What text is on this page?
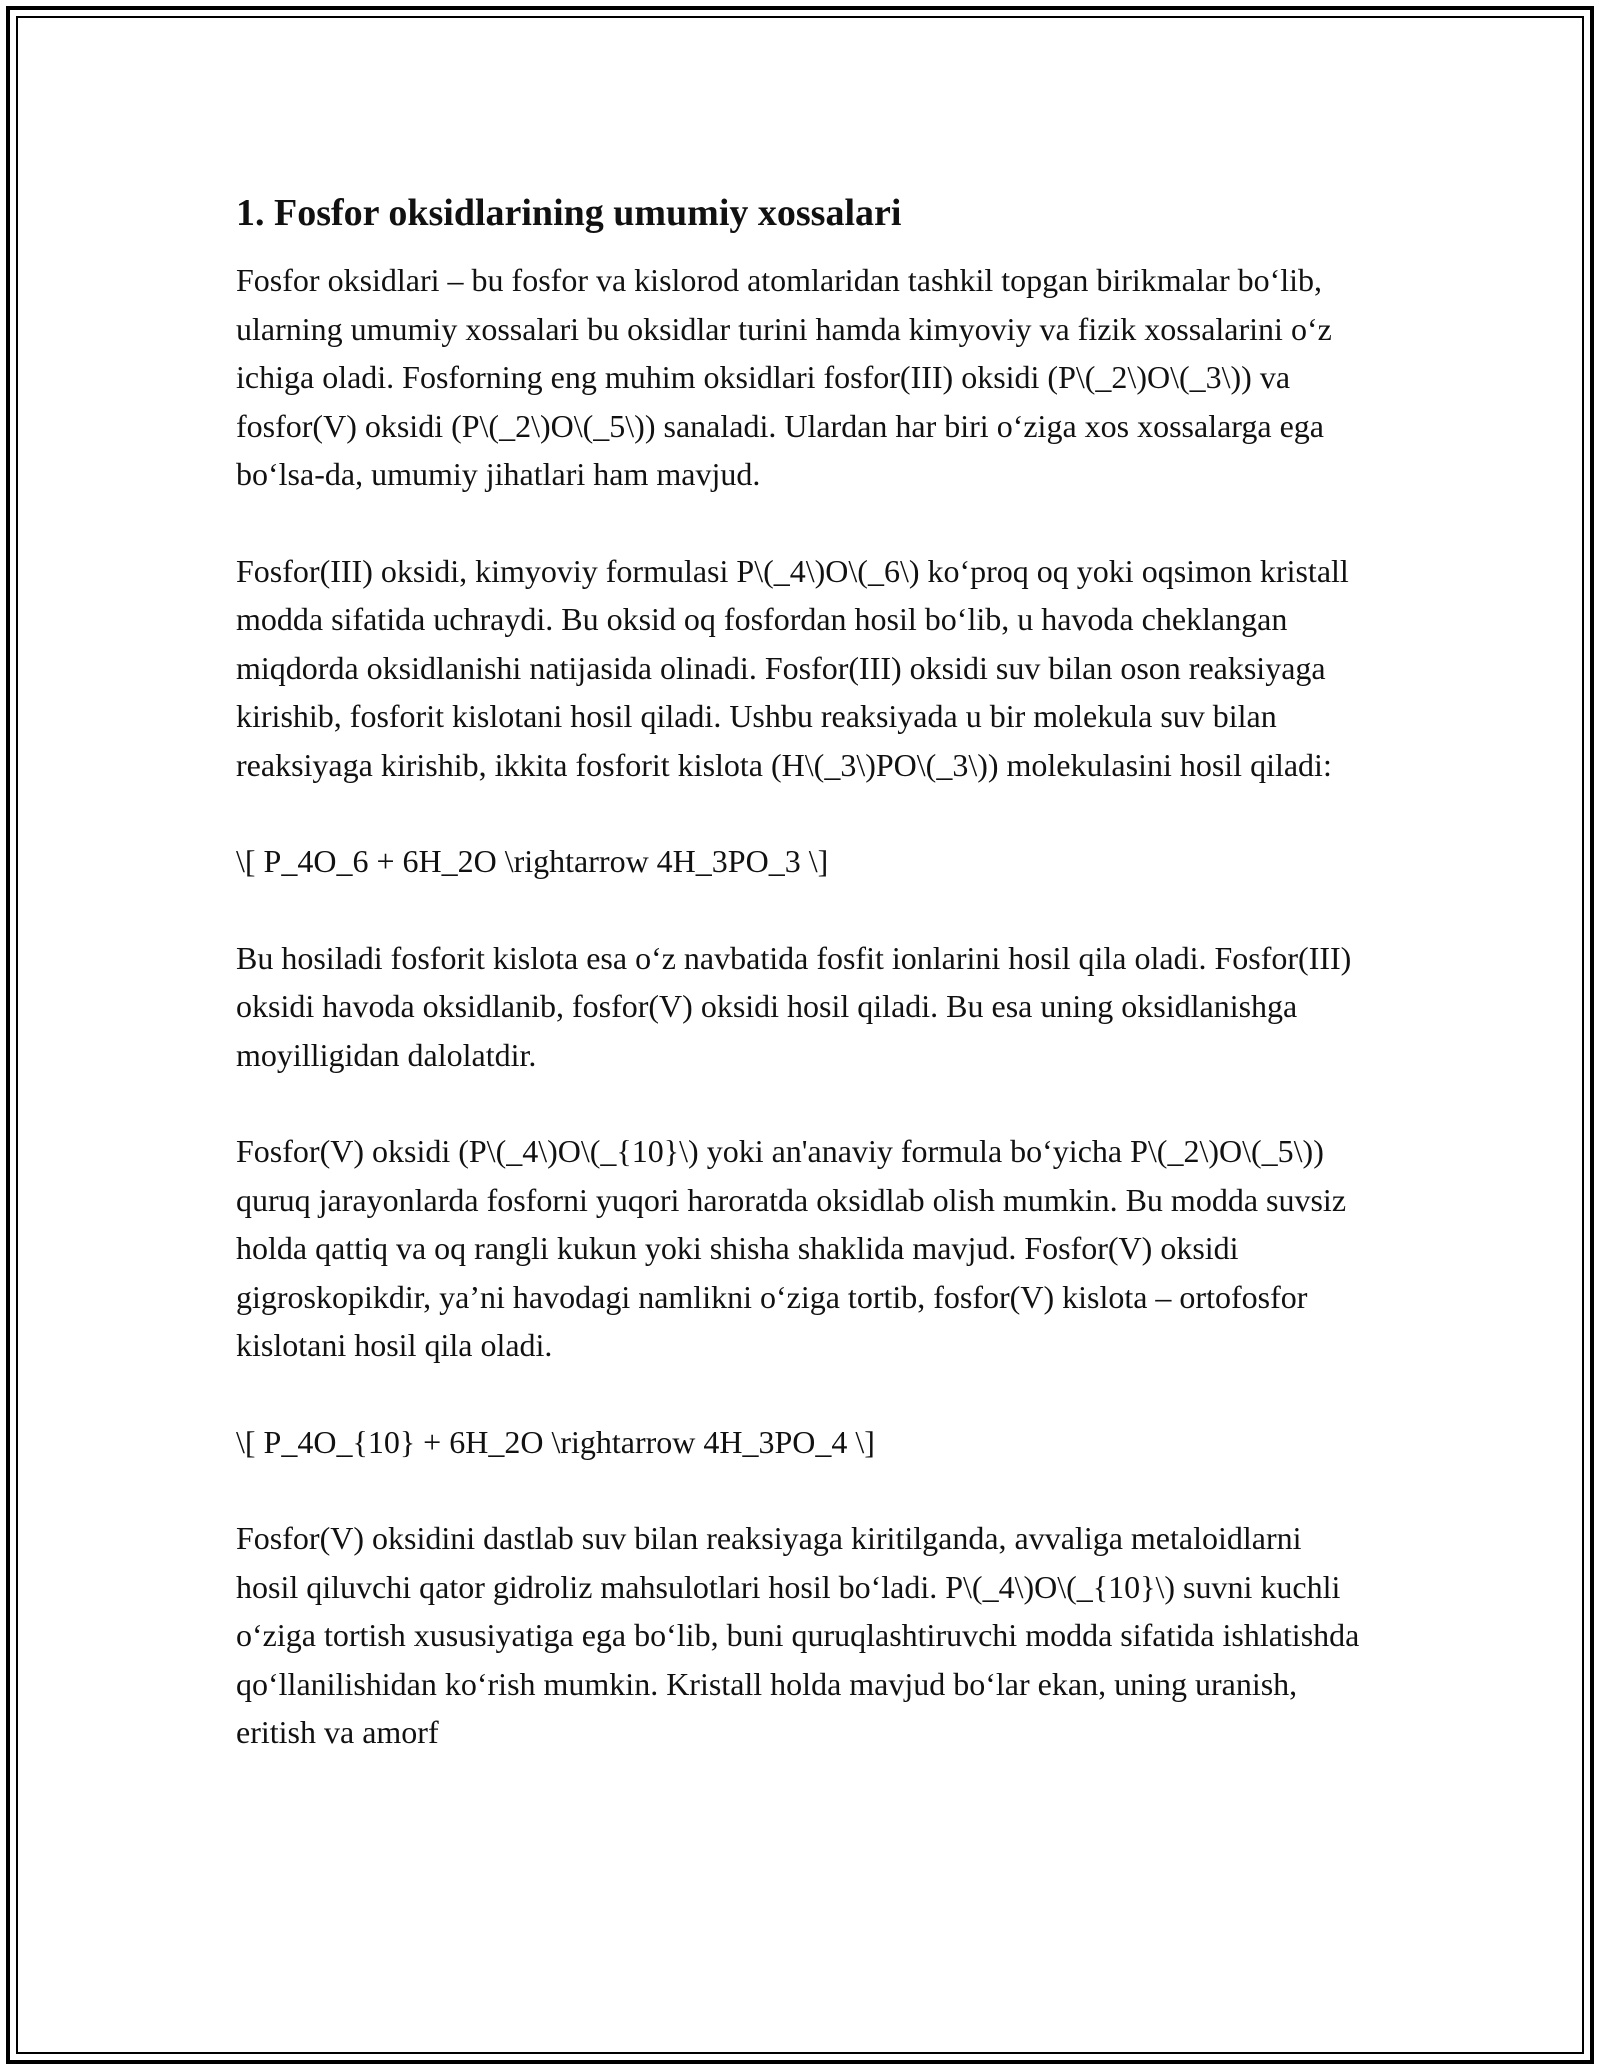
1. Fosfor oksidlarining umumiy xossalari

Fosfor oksidlari – bu fosfor va kislorod atomlaridan tashkil topgan birikmalar bo‘lib, ularning umumiy xossalari bu oksidlar turini hamda kimyoviy va fizik xossalarini o‘z ichiga oladi. Fosforning eng muhim oksidlari fosfor(III) oksidi (P\(_2\)O\(_3\)) va fosfor(V) oksidi (P\(_2\)O\(_5\)) sanaladi. Ulardan har biri o‘ziga xos xossalarga ega bo‘lsa-da, umumiy jihatlari ham mavjud.

Fosfor(III) oksidi, kimyoviy formulasi P\(_4\)O\(_6\) ko‘proq oq yoki oqsimon kristall modda sifatida uchraydi. Bu oksid oq fosfordan hosil bo‘lib, u havoda cheklangan miqdorda oksidlanishi natijasida olinadi. Fosfor(III) oksidi suv bilan oson reaksiyaga kirishib, fosforit kislotani hosil qiladi. Ushbu reaksiyada u bir molekula suv bilan reaksiyaga kirishib, ikkita fosforit kislota (H\(_3\)PO\(_3\)) molekulasini hosil qiladi:

\[ P_4O_6 + 6H_2O \rightarrow 4H_3PO_3 \]

Bu hosiladi fosforit kislota esa o‘z navbatida fosfit ionlarini hosil qila oladi. Fosfor(III) oksidi havoda oksidlanib, fosfor(V) oksidi hosil qiladi. Bu esa uning oksidlanishga moyilligidan dalolatdir.

Fosfor(V) oksidi (P\(_4\)O\(_{10}\) yoki an'anaviy formula bo‘yicha P\(_2\)O\(_5\)) quruq jarayonlarda fosforni yuqori haroratda oksidlab olish mumkin. Bu modda suvsiz holda qattiq va oq rangli kukun yoki shisha shaklida mavjud. Fosfor(V) oksidi gigroskopikdir, ya’ni havodagi namlikni o‘ziga tortib, fosfor(V) kislota – ortofosfor kislotani hosil qila oladi.

\[ P_4O_{10} + 6H_2O \rightarrow 4H_3PO_4 \]

Fosfor(V) oksidini dastlab suv bilan reaksiyaga kiritilganda, avvaliga metaloidlarni hosil qiluvchi qator gidroliz mahsulotlari hosil bo‘ladi. P\(_4\)O\(_{10}\) suvni kuchli o‘ziga tortish xususiyatiga ega bo‘lib, buni quruqlashtiruvchi modda sifatida ishlatishda qo‘llanilishidan ko‘rish mumkin. Kristall holda mavjud bo‘lar ekan, uning uranish, eritish va amorf
